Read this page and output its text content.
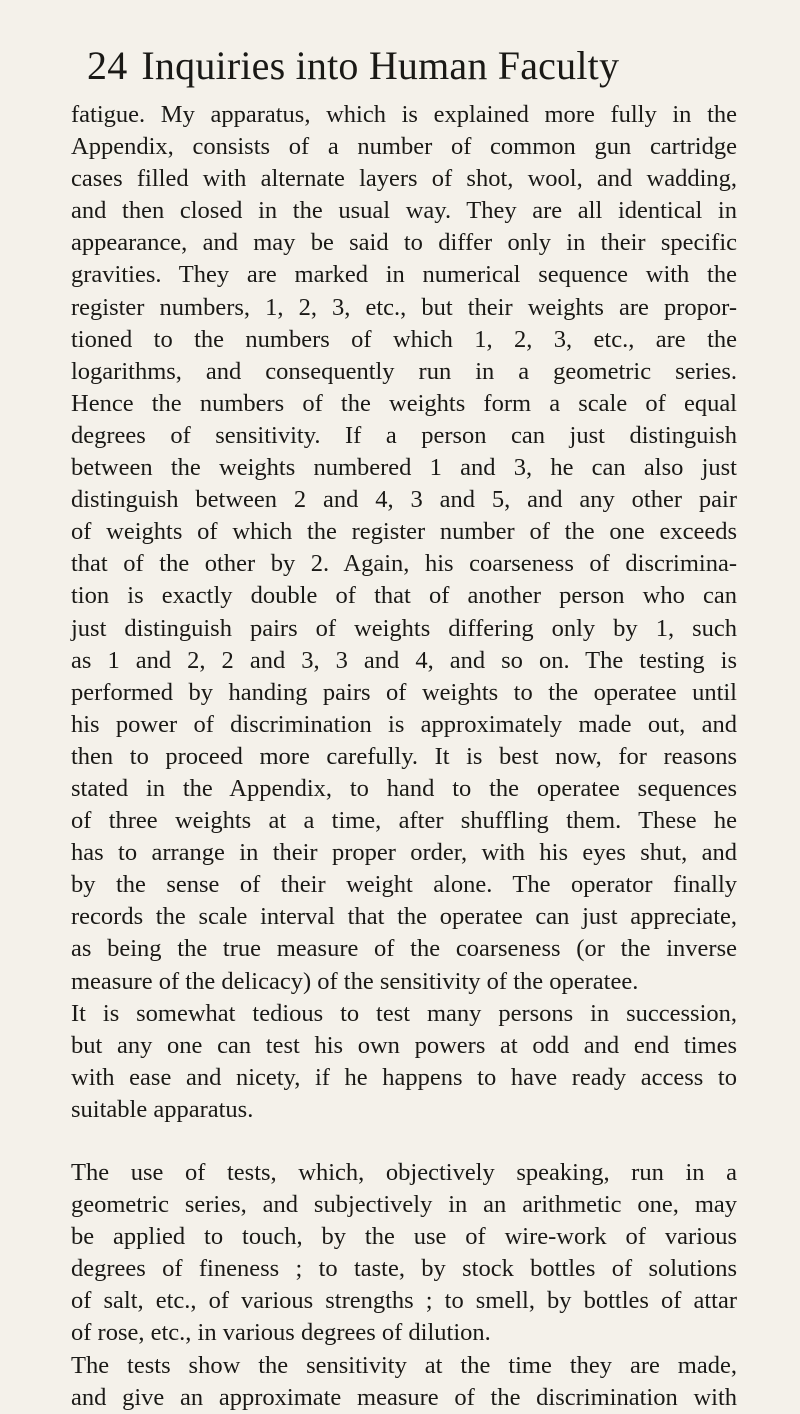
24 Inquiries into Human Faculty

fatigue. My apparatus, which is explained more fully in the
Appendix, consists of a number of common gun cartridge
cases filled with alternate layers of shot, wool, and wadding,
and then closed in the usual way. They are all identical in
appearance, and may be said to differ only in their specific
gravities. They are marked in numerical sequence with the
register numbers, 1, 2, 3, etc., but their weights are propor-
tioned to the numbers of which 1, 2, 3, etc., are the
logarithms, and consequently run in a geometric series.
Hence the numbers of the weights form a scale of equal
degrees of sensitivity. If a person can just distinguish
between the weights numbered 1 and 3, he can also just
distinguish between 2 and 4, 3 and 5, and any other pair
of weights of which the register number of the one exceeds
that of the other by 2. Again, his coarseness of discrimina-
tion is exactly double of that of another person who can
just distinguish pairs of weights differing only by 1, such
as 1 and 2, 2 and 3, 3 and 4, and so on. The testing is
performed by handing pairs of weights to the operatee until
his power of discrimination is approximately made out, and
then to proceed more carefully. It is best now, for reasons
stated in the Appendix, to hand to the operatee sequences
of three weights at a time, after shuffling them. These he
has to arrange in their proper order, with his eyes shut, and
by the sense of their weight alone. The operator finally
records the scale interval that the operatee can just appreciate,
as being the true measure of the coarseness (or the inverse
measure of the delicacy) of the sensitivity of the operatee.

It is somewhat tedious to test many persons in succession,
but any one can test his own powers at odd and end times
with ease and nicety, if he happens to have ready access to
suitable apparatus.

The use of tests, which, objectively speaking, run in a
geometric series, and subjectively in an arithmetic one, may
be applied to touch, by the use of wire-work of various
degrees of fineness ; to taste, by stock bottles of solutions
of salt, etc., of various strengths ; to smell, by bottles of attar
of rose, etc., in various degrees of dilution.

The tests show the sensitivity at the time they are made,
and give an approximate measure of the discrimination with
